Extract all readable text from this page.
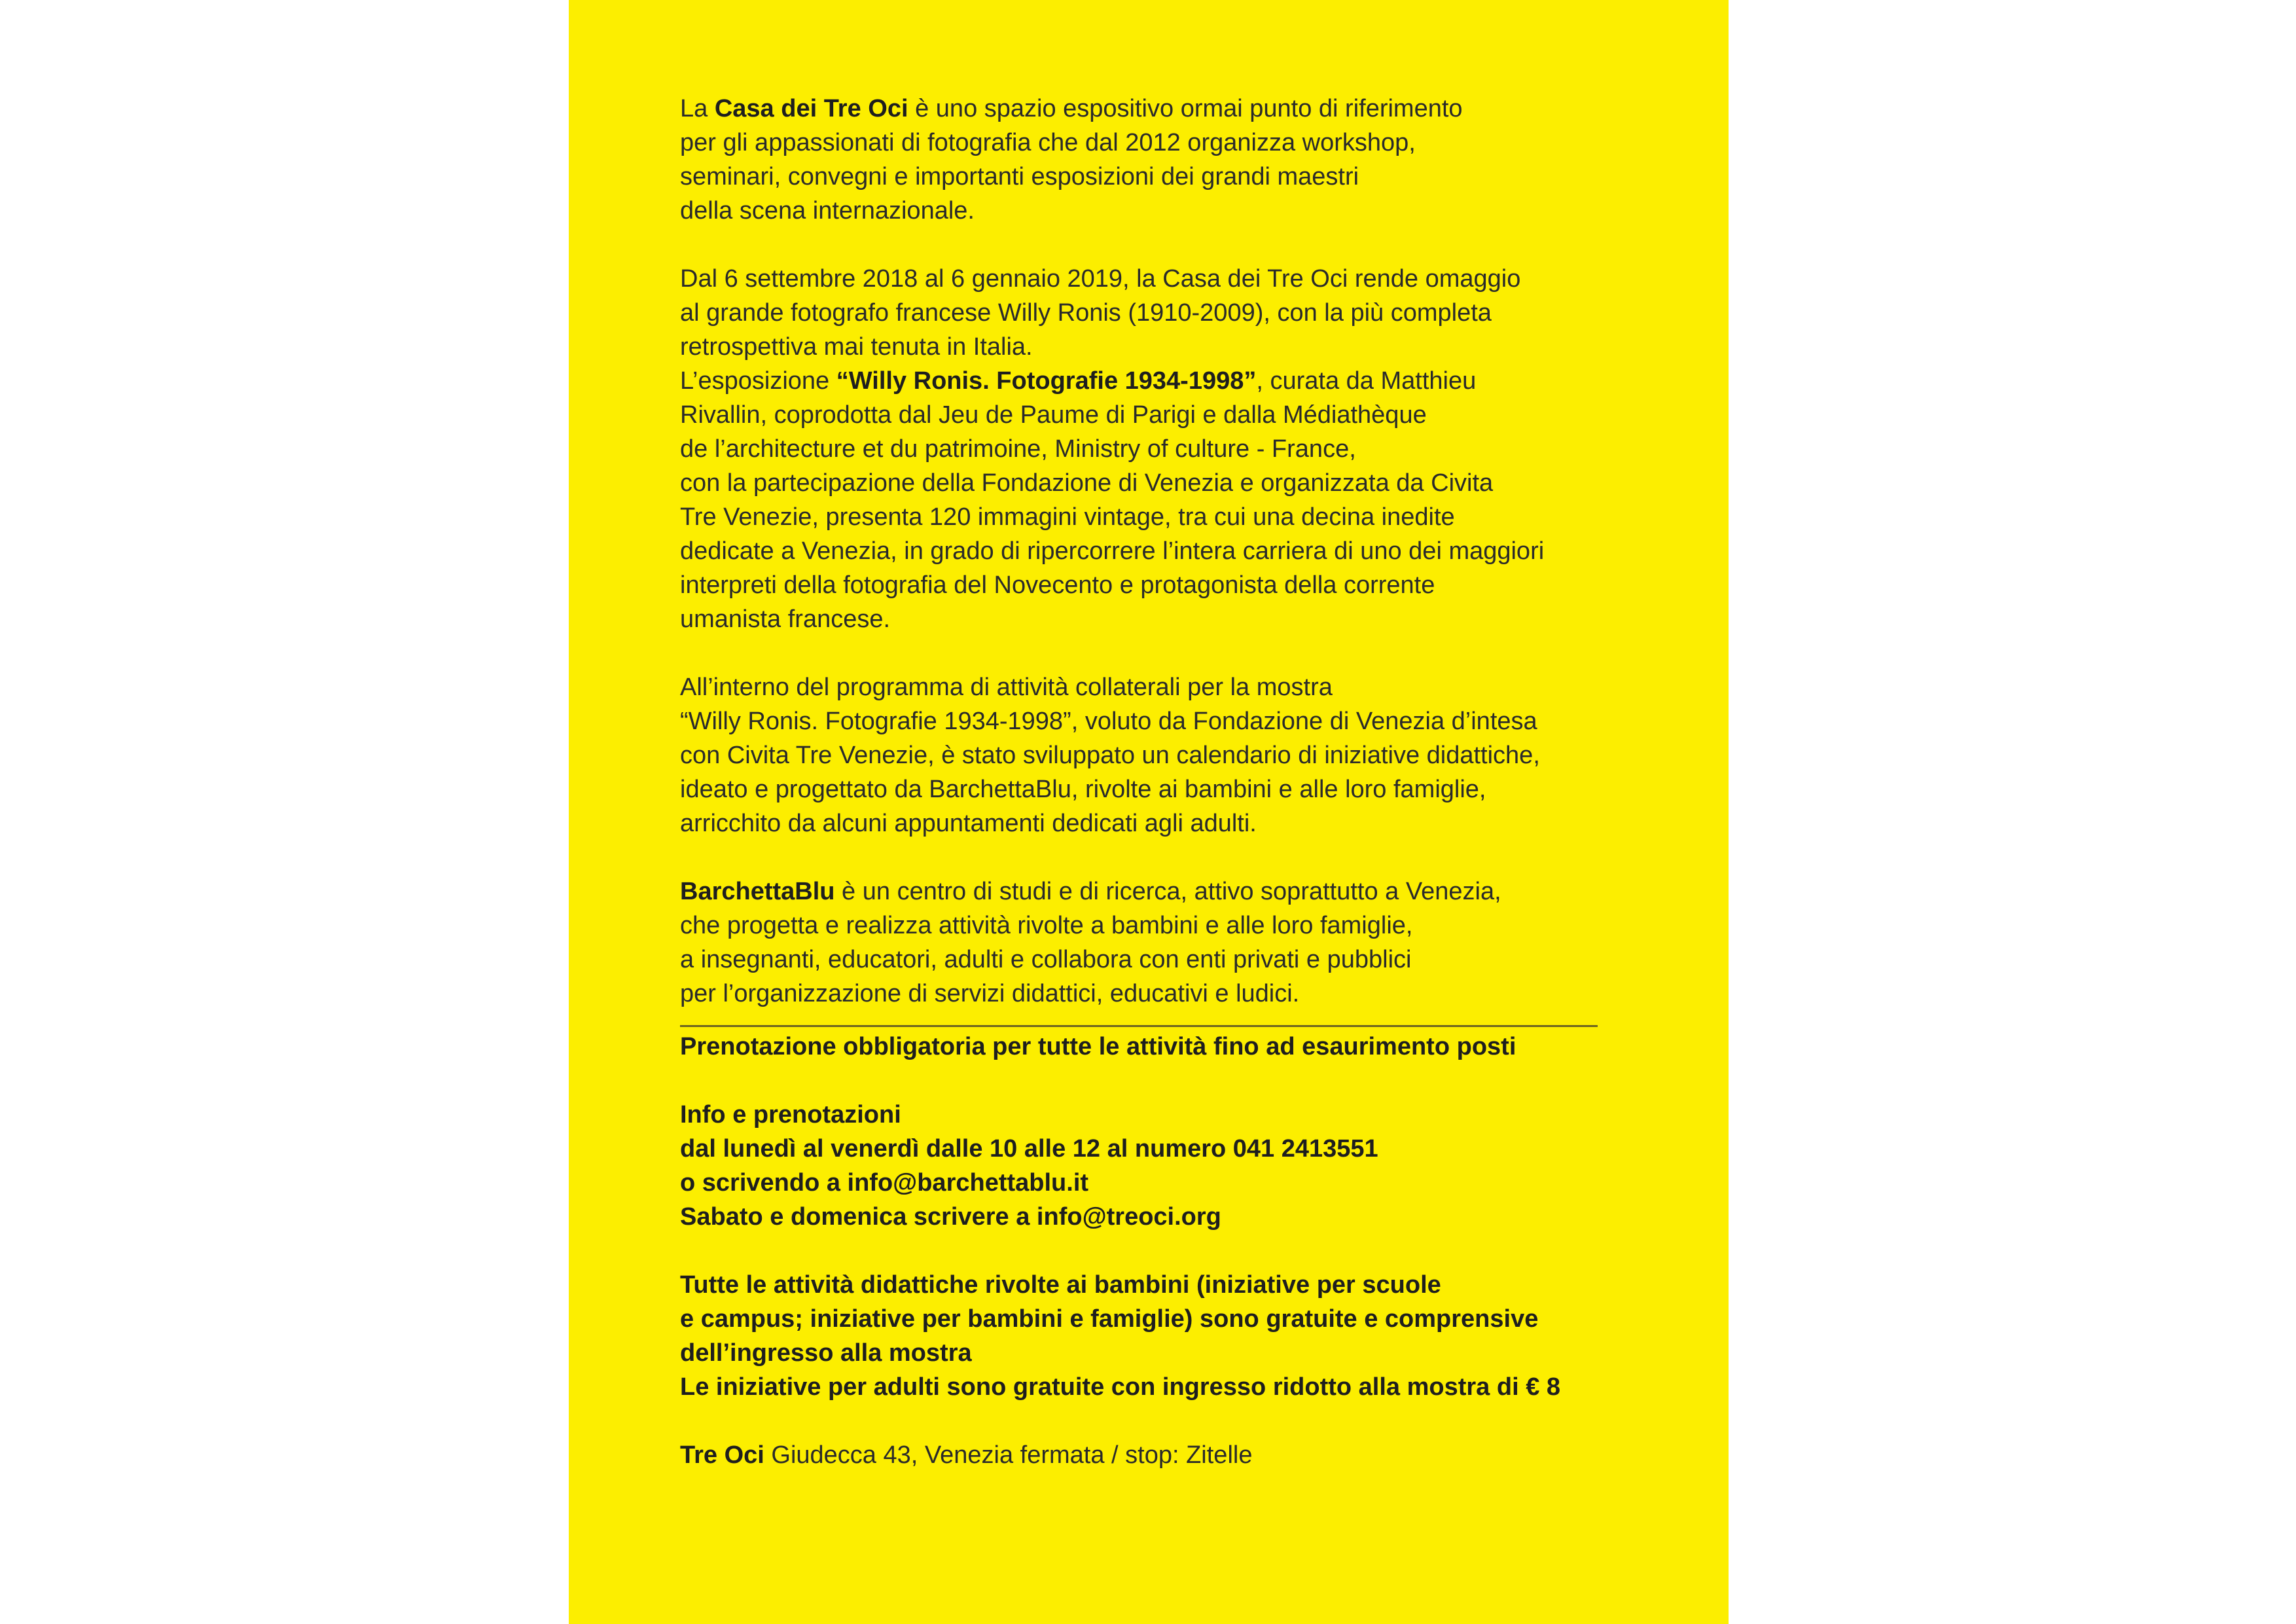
La Casa dei Tre Oci è uno spazio espositivo ormai punto di riferimento
per gli appassionati di fotografia che dal 2012 organizza workshop,
seminari, convegni e importanti esposizioni dei grandi maestri
della scena internazionale.

Dal 6 settembre 2018 al 6 gennaio 2019, la Casa dei Tre Oci rende omaggio
al grande fotografo francese Willy Ronis (1910-2009), con la più completa
retrospettiva mai tenuta in Italia.
L’esposizione “Willy Ronis. Fotografie 1934-1998”, curata da Matthieu
Rivallin, coprodotta dal Jeu de Paume di Parigi e dalla Médiathèque
de l’architecture et du patrimoine, Ministry of culture - France,
con la partecipazione della Fondazione di Venezia e organizzata da Civita
Tre Venezie, presenta 120 immagini vintage, tra cui una decina inedite
dedicate a Venezia, in grado di ripercorrere l’intera carriera di uno dei maggiori
interpreti della fotografia del Novecento e protagonista della corrente
umanista francese.

All’interno del programma di attività collaterali per la mostra
“Willy Ronis. Fotografie 1934-1998”, voluto da Fondazione di Venezia d’intesa
con Civita Tre Venezie, è stato sviluppato un calendario di iniziative didattiche,
ideato e progettato da BarchettaBlu, rivolte ai bambini e alle loro famiglie,
arricchito da alcuni appuntamenti dedicati agli adulti.

BarchettaBlu è un centro di studi e di ricerca, attivo soprattutto a Venezia,
che progetta e realizza attività rivolte a bambini e alle loro famiglie,
a insegnanti, educatori, adulti e collabora con enti privati e pubblici
per l’organizzazione di servizi didattici, educativi e ludici.

Prenotazione obbligatoria per tutte le attività fino ad esaurimento posti

Info e prenotazioni
dal lunedì al venerdì dalle 10 alle 12 al numero 041 2413551
o scrivendo a info@barchettablu.it
Sabato e domenica scrivere a info@treoci.org

Tutte le attività didattiche rivolte ai bambini (iniziative per scuole
e campus; iniziative per bambini e famiglie) sono gratuite e comprensive
dell’ingresso alla mostra
Le iniziative per adulti sono gratuite con ingresso ridotto alla mostra di € 8

Tre Oci Giudecca 43, Venezia fermata / stop: Zitelle
